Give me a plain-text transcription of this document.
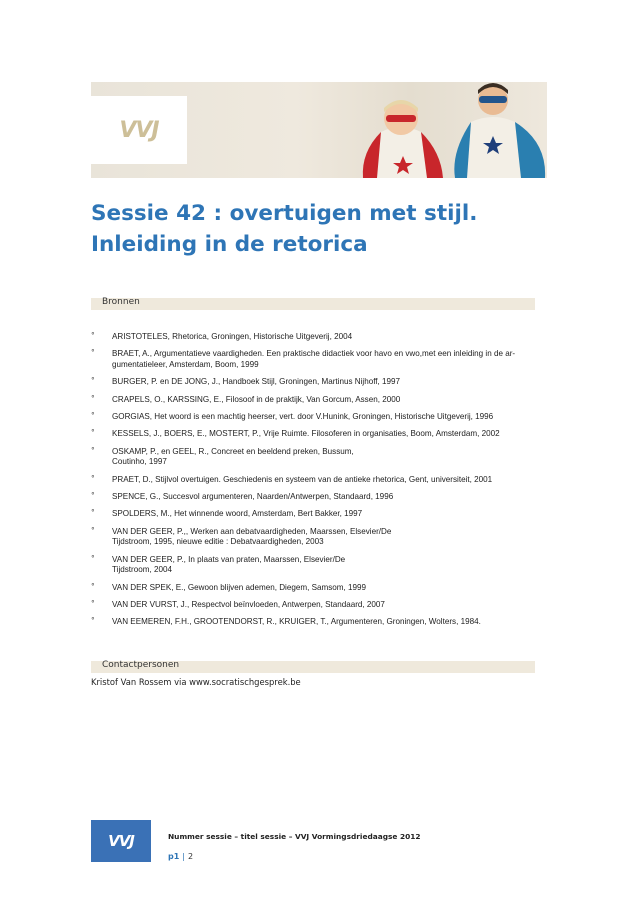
VVJ
Sessie 42 : overtuigen met stijl.
Inleiding in de retorica
Bronnen
° ARISTOTELES, Rhetorica, Groningen, Historische Uitgeverij, 2004
° BRAET, A., Argumentatieve vaardigheden. Een praktische didactiek voor havo en vwo,met een inleiding in de ar-
gumentatieleer, Amsterdam, Boom, 1999
° BURGER, P. en DE JONG, J., Handboek Stijl, Groningen, Martinus Nijhoff, 1997
° CRAPELS, O., KARSSING, E., Filosoof in de praktijk, Van Gorcum, Assen, 2000
° GORGIAS, Het woord is een machtig heerser, vert. door V.Hunink, Groningen, Historische Uitgeverij, 1996
° KESSELS, J., BOERS, E., MOSTERT, P., Vrije Ruimte. Filosoferen in organisaties, Boom, Amsterdam, 2002
° OSKAMP, P., en GEEL, R., Concreet en beeldend preken, Bussum,
Coutinho, 1997
° PRAET, D., Stijlvol overtuigen. Geschiedenis en systeem van de antieke rhetorica, Gent, universiteit, 2001
° SPENCE, G., Succesvol argumenteren, Naarden/Antwerpen, Standaard, 1996
° SPOLDERS, M., Het winnende woord, Amsterdam, Bert Bakker, 1997
° VAN DER GEER, P.,, Werken aan debatvaardigheden, Maarssen, Elsevier/De
Tijdstroom, 1995, nieuwe editie : Debatvaardigheden, 2003
° VAN DER GEER, P., In plaats van praten, Maarssen, Elsevier/De
Tijdstroom, 2004
° VAN DER SPEK, E., Gewoon blijven ademen, Diegem, Samsom, 1999
° VAN DER VURST, J., Respectvol beïnvloeden, Antwerpen, Standaard, 2007
° VAN EEMEREN, F.H., GROOTENDORST, R., KRUIGER, T., Argumenteren, Groningen, Wolters, 1984.
Contactpersonen
Kristof Van Rossem via www.socratischgesprek.be
VVJ	Nummer sessie – titel sessie – VVJ Vormingsdriedaagse 2012
p1 | 2
